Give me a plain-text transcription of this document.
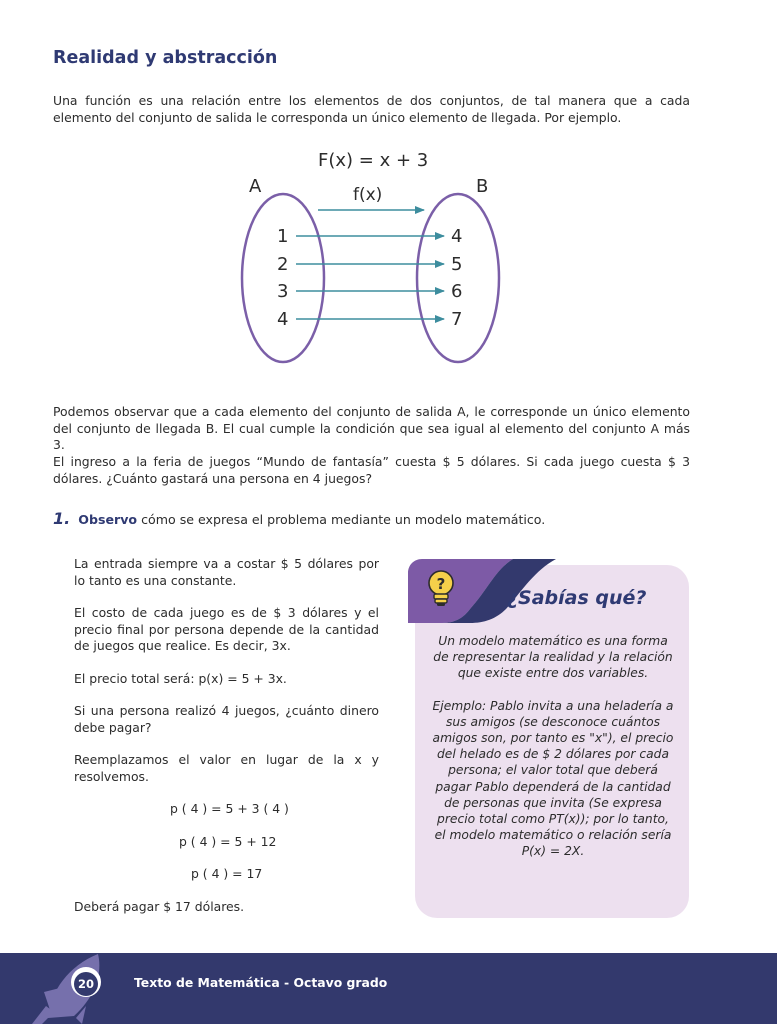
Realidad y abstracción

Una función es una relación entre los elementos de dos conjuntos, de tal manera que a cada elemento del conjunto de salida le corresponda un único elemento de llegada. Por ejemplo.

F(x) = x + 3
A	B
f(x)
1
2
3
4
4
5
6
7

Podemos observar que a cada elemento del conjunto de salida A, le corresponde un único elemento del conjunto de llegada B. El cual cumple la condición que sea igual al elemento del conjunto A más 3.

El ingreso a la feria de juegos “Mundo de fantasía” cuesta $ 5 dólares. Si cada juego cuesta $ 3 dólares. ¿Cuánto gastará una persona en 4 juegos?

1. Observo cómo se expresa el problema mediante un modelo matemático.

La entrada siempre va a costar $ 5 dólares por lo tanto es una constante.

El costo de cada juego es de $ 3 dólares y el precio final por persona depende de la cantidad de juegos que realice. Es decir, 3x.

El precio total será: p(x) = 5 + 3x.

Si una persona realizó 4 juegos, ¿cuánto dinero debe pagar?

Reemplazamos el valor en lugar de la x y resolvemos.

p ( 4 ) = 5 + 3 ( 4 )

p ( 4 ) = 5 + 12

p ( 4 ) = 17

Deberá pagar $ 17 dólares.

?
¿Sabías qué?

Un modelo matemático es una forma de representar la realidad y la relación que existe entre dos variables.

Ejemplo: Pablo invita a una heladería a sus amigos (se desconoce cuántos amigos son, por tanto es "x"), el precio del helado es de $ 2 dólares por cada persona; el valor total que deberá pagar Pablo dependerá de la cantidad de personas que invita (Se expresa precio total como PT(x)); por lo tanto, el modelo matemático o relación sería P(x) = 2X.

20	Texto de Matemática - Octavo grado
